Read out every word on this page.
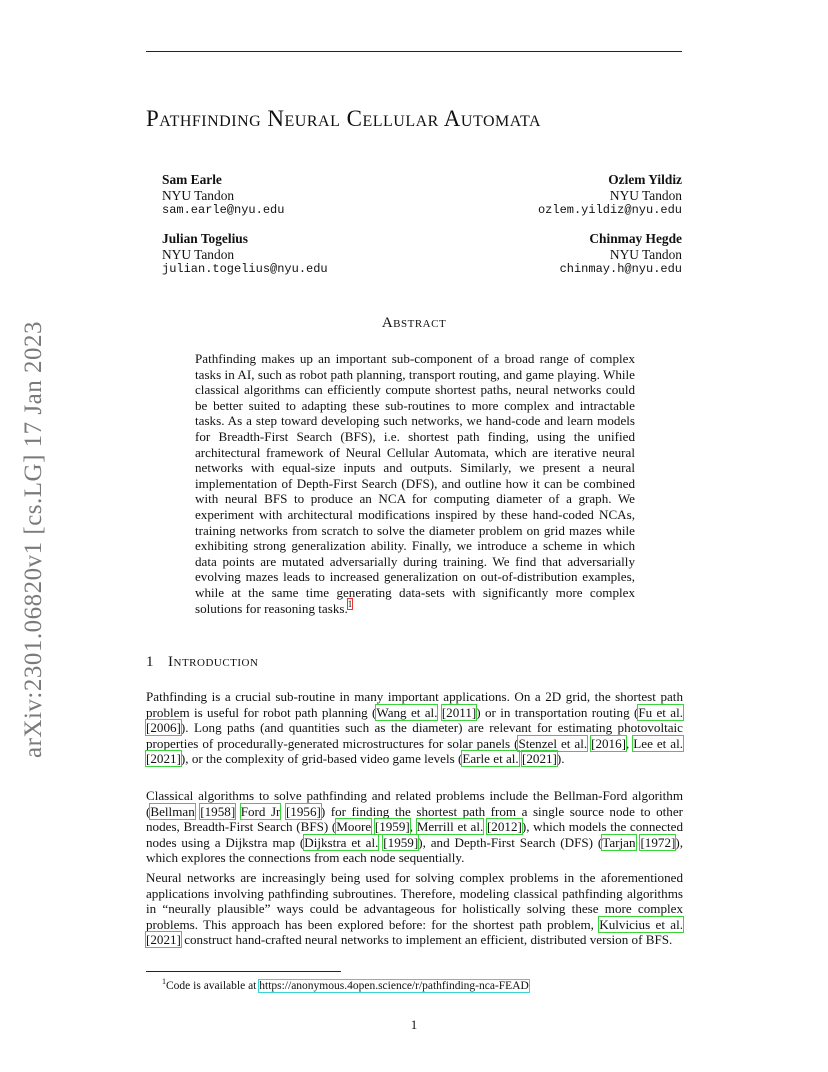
Pathfinding Neural Cellular Automata
arXiv:2301.06820v1 [cs.LG] 17 Jan 2023
Sam Earle
NYU Tandon
sam.earle@nyu.edu
Ozlem Yildiz
NYU Tandon
ozlem.yildiz@nyu.edu
Julian Togelius
NYU Tandon
julian.togelius@nyu.edu
Chinmay Hegde
NYU Tandon
chinmay.h@nyu.edu
Abstract
Pathfinding makes up an important sub-component of a broad range of complex tasks in AI, such as robot path planning, transport routing, and game playing. While classical algorithms can efficiently compute shortest paths, neural networks could be better suited to adapting these sub-routines to more complex and intractable tasks. As a step toward developing such networks, we hand-code and learn models for Breadth-First Search (BFS), i.e. shortest path finding, using the unified architectural framework of Neural Cellular Automata, which are iterative neural networks with equal-size inputs and outputs. Similarly, we present a neural implementation of Depth-First Search (DFS), and outline how it can be combined with neural BFS to produce an NCA for computing diameter of a graph. We experiment with architectural modifications inspired by these hand-coded NCAs, training networks from scratch to solve the diameter problem on grid mazes while exhibiting strong generalization ability. Finally, we introduce a scheme in which data points are mutated adversarially during training. We find that adversarially evolving mazes leads to increased generalization on out-of-distribution examples, while at the same time generating data-sets with significantly more complex solutions for reasoning tasks.$^1$
1 Introduction
Pathfinding is a crucial sub-routine in many important applications. On a 2D grid, the shortest path problem is useful for robot path planning (Wang et al. [2011]) or in transportation routing (Fu et al. [2006]). Long paths (and quantities such as the diameter) are relevant for estimating photovoltaic properties of procedurally-generated microstructures for solar panels (Stenzel et al. [2016], Lee et al. [2021]), or the complexity of grid-based video game levels (Earle et al. [2021]).
Classical algorithms to solve pathfinding and related problems include the Bellman-Ford algorithm (Bellman [1958] Ford Jr [1956]) for finding the shortest path from a single source node to other nodes, Breadth-First Search (BFS) (Moore [1959], Merrill et al. [2012]), which models the connected nodes using a Dijkstra map (Dijkstra et al. [1959]), and Depth-First Search (DFS) (Tarjan [1972]), which explores the connections from each node sequentially.
Neural networks are increasingly being used for solving complex problems in the aforementioned applications involving pathfinding subroutines. Therefore, modeling classical pathfinding algorithms in “neurally plausible” ways could be advantageous for holistically solving these more complex problems. This approach has been explored before: for the shortest path problem, Kulvicius et al. [2021] construct hand-crafted neural networks to implement an efficient, distributed version of BFS.
$^1$Code is available at https://anonymous.4open.science/r/pathfinding-nca-FEAD
1
